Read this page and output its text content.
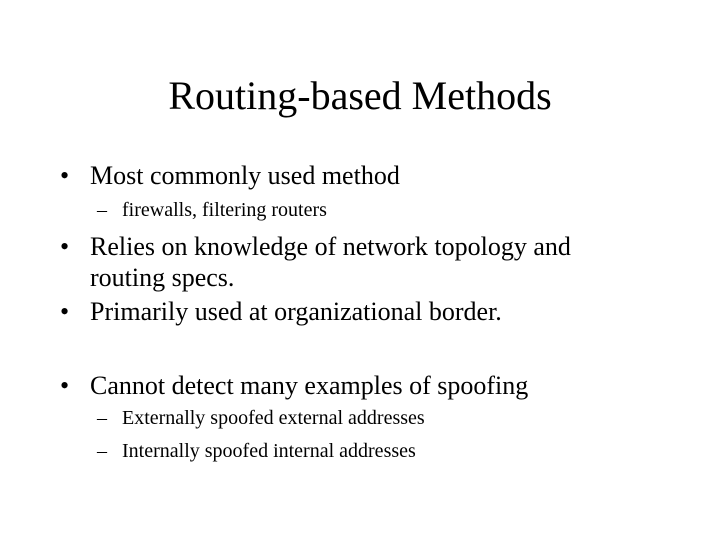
Routing-based Methods
• Most commonly used method
– firewalls, filtering routers
• Relies on knowledge of network topology and
routing specs.
• Primarily used at organizational border.
• Cannot detect many examples of spoofing
– Externally spoofed external addresses
– Internally spoofed internal addresses
